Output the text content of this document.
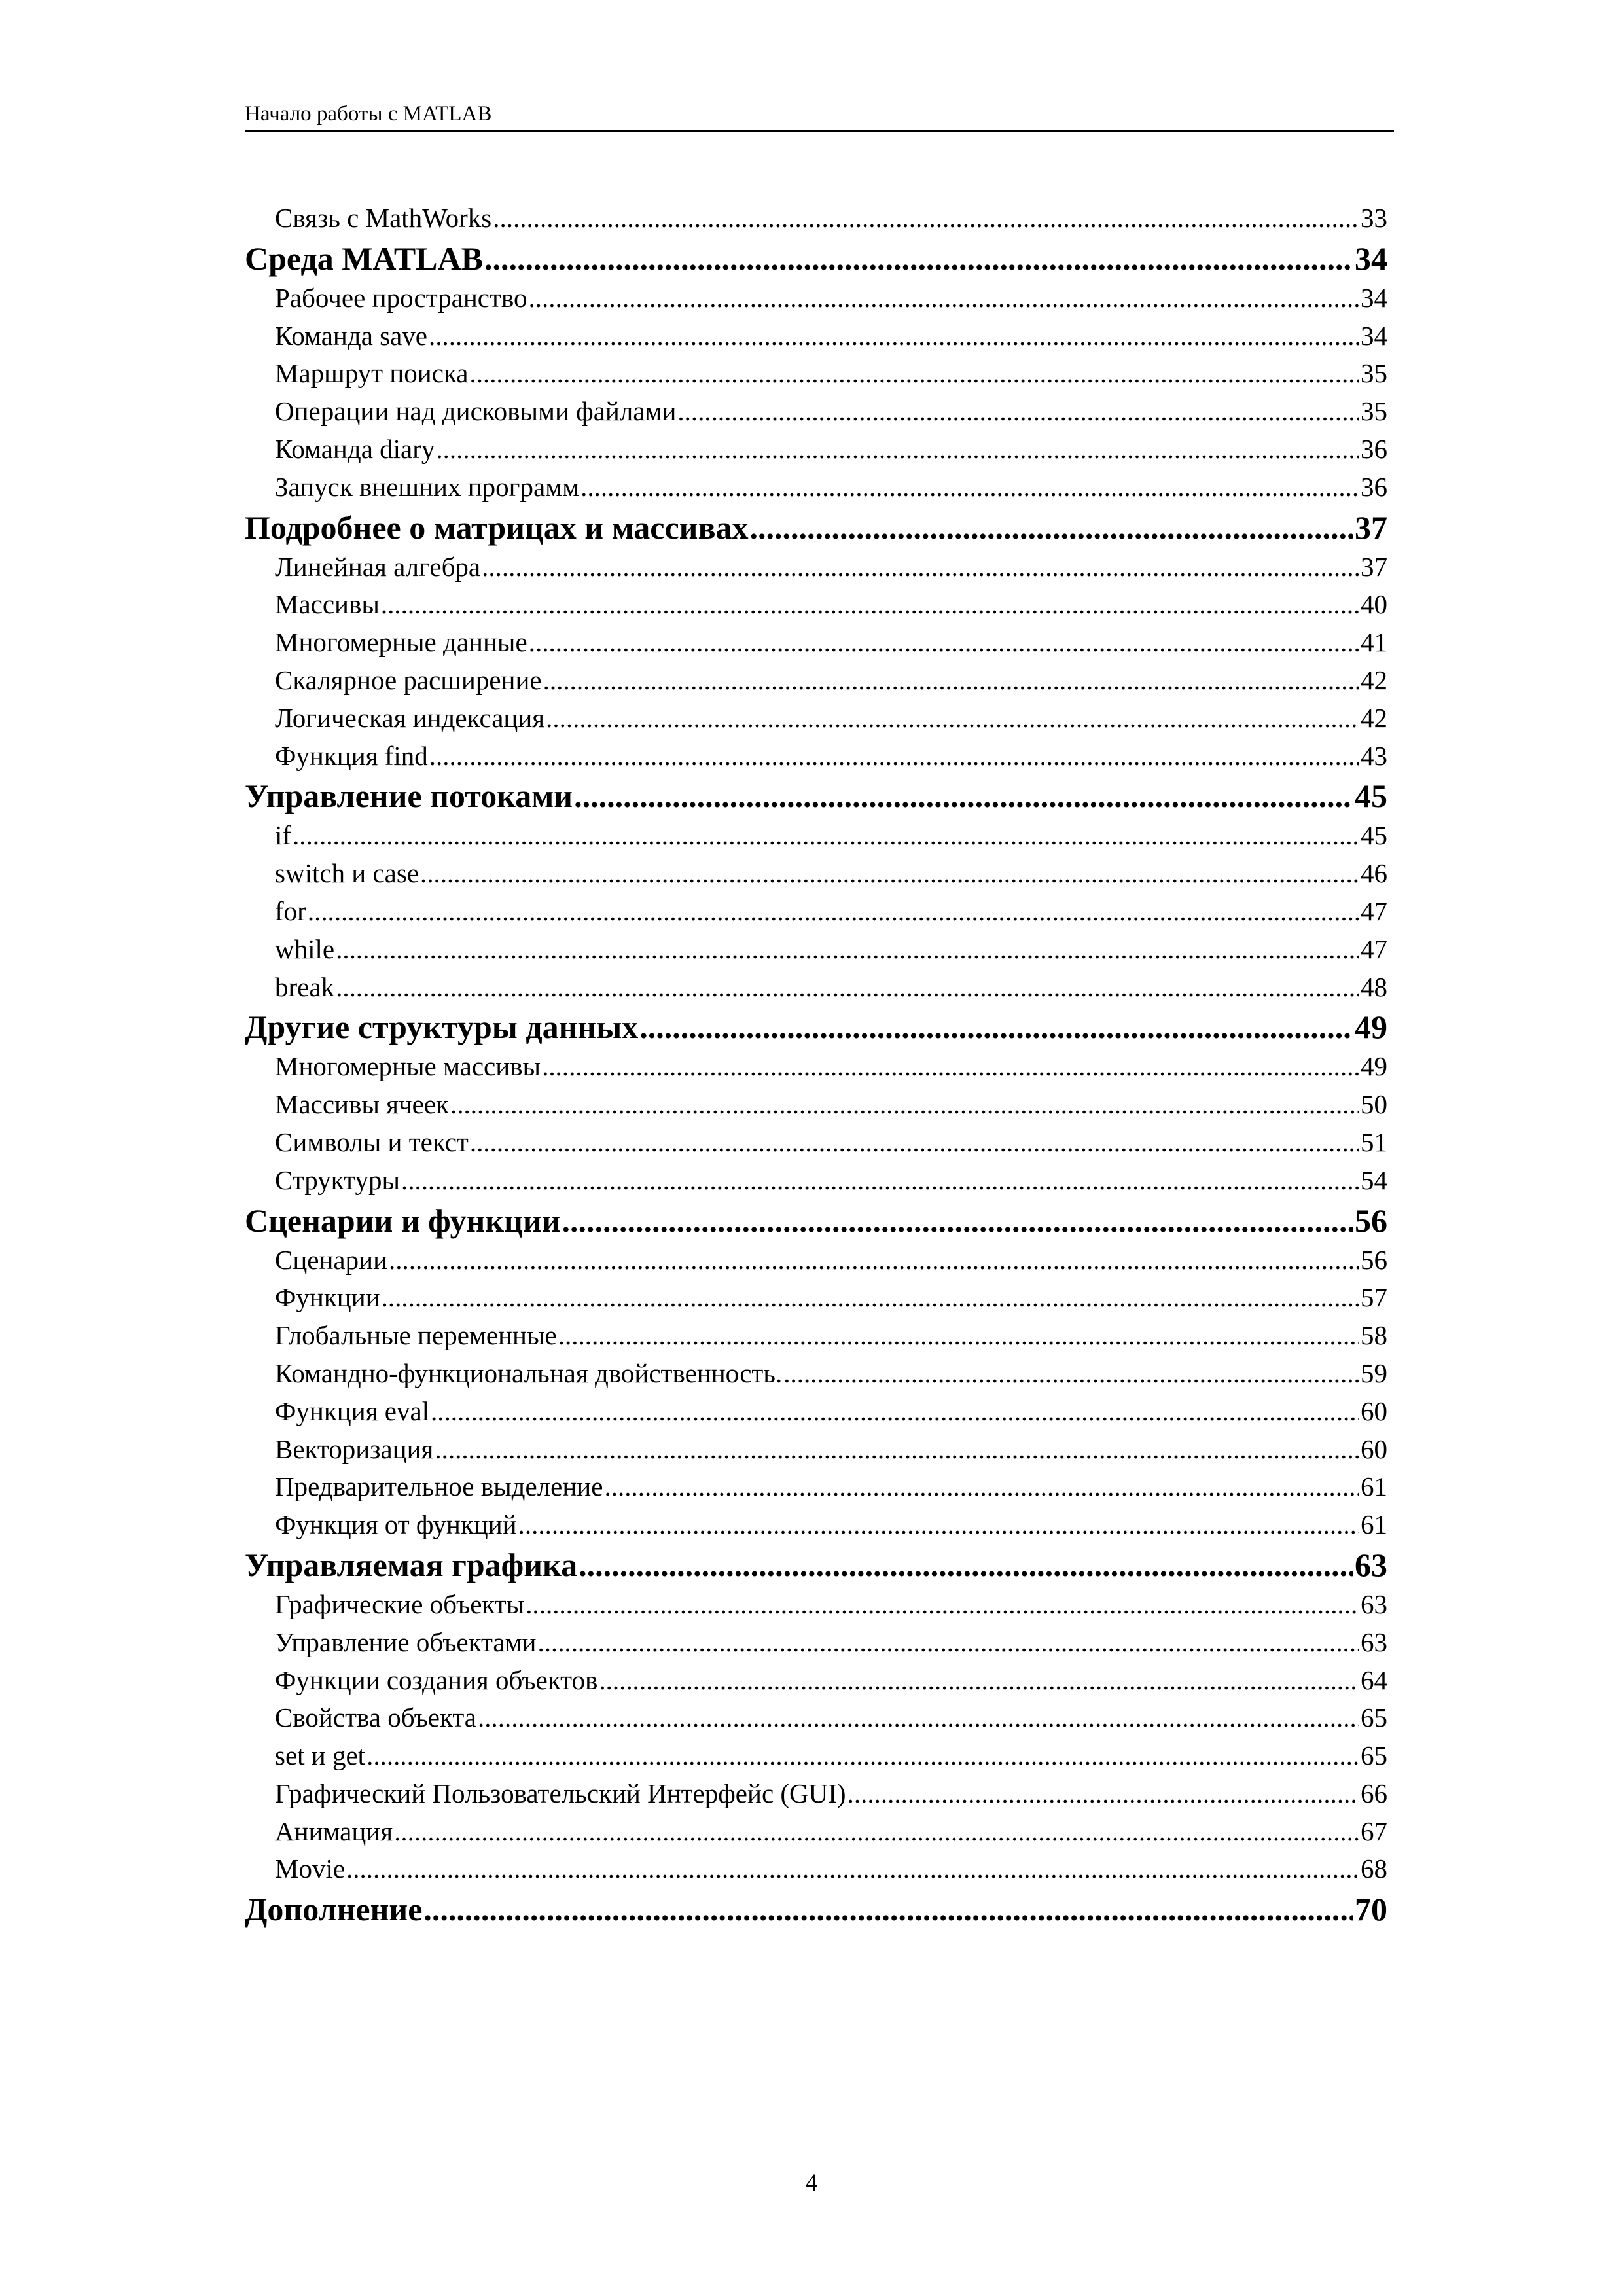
Начало работы с MATLAB
Связь с MathWorks .....	33
Среда MATLAB .....	34
Рабочее пространство .....	34
Команда save .....	34
Маршрут поиска .....	35
Операции над дисковыми файлами .....	35
Команда diary .....	36
Запуск внешних программ .....	36
Подробнее о матрицах и массивах .....	37
Линейная алгебра .....	37
Массивы .....	40
Многомерные данные .....	41
Скалярное расширение .....	42
Логическая индексация .....	42
Функция find .....	43
Управление потоками .....	45
if .....	45
switch и case .....	46
for .....	47
while .....	47
break .....	48
Другие структуры данных .....	49
Многомерные массивы .....	49
Массивы ячеек .....	50
Символы и текст .....	51
Структуры .....	54
Сценарии и функции .....	56
Сценарии .....	56
Функции .....	57
Глобальные переменные .....	58
Командно-функциональная двойственность. .....	59
Функция eval .....	60
Векторизация .....	60
Предварительное выделение .....	61
Функция от функций .....	61
Управляемая графика .....	63
Графические объекты .....	63
Управление объектами .....	63
Функции создания объектов .....	64
Свойства объекта .....	65
set и get .....	65
Графический Пользовательский Интерфейс (GUI) .....	66
Анимация .....	67
Movie .....	68
Дополнение .....	70
4
